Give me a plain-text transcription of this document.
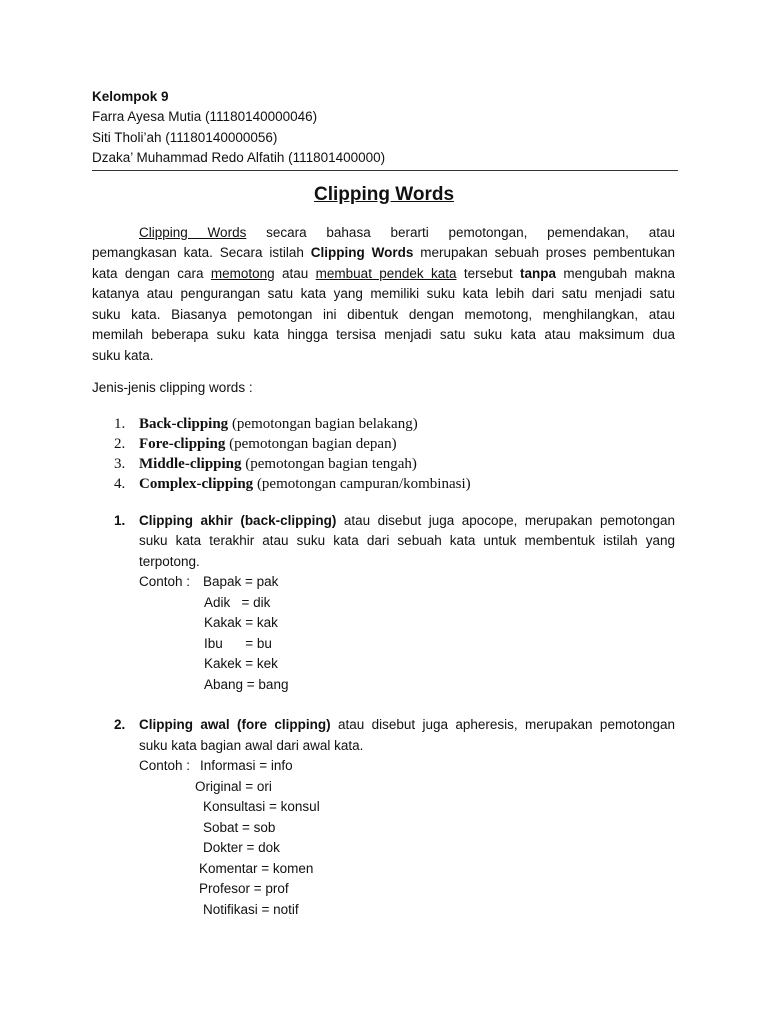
Kelompok 9
Farra Ayesa Mutia (11180140000046)
Siti Tholi’ah (11180140000056)
Dzaka’ Muhammad Redo Alfatih (111801400000)
Clipping Words
Clipping Words secara bahasa berarti pemotongan, pemendakan, atau
pemangkasan kata. Secara istilah Clipping Words merupakan sebuah proses pembentukan
kata dengan cara memotong atau membuat pendek kata tersebut tanpa mengubah makna
katanya atau pengurangan satu kata yang memiliki suku kata lebih dari satu menjadi satu
suku kata. Biasanya pemotongan ini dibentuk dengan memotong, menghilangkan, atau
memilah beberapa suku kata hingga tersisa menjadi satu suku kata atau maksimum dua
suku kata.
Jenis-jenis clipping words :
1. Back-clipping (pemotongan bagian belakang)
2. Fore-clipping (pemotongan bagian depan)
3. Middle-clipping (pemotongan bagian tengah)
4. Complex-clipping (pemotongan campuran/kombinasi)
1. Clipping akhir (back-clipping) atau disebut juga apocope, merupakan pemotongan
suku kata terakhir atau suku kata dari sebuah kata untuk membentuk istilah yang
terpotong.
Contoh : Bapak = pak
Adik   = dik
Kakak = kak
Ibu      = bu
Kakek = kek
Abang = bang
2. Clipping awal (fore clipping) atau disebut juga apheresis, merupakan pemotongan
suku kata bagian awal dari awal kata.
Contoh : Informasi = info
Original = ori
Konsultasi = konsul
Sobat = sob
Dokter = dok
Komentar = komen
Profesor = prof
Notifikasi = notif
